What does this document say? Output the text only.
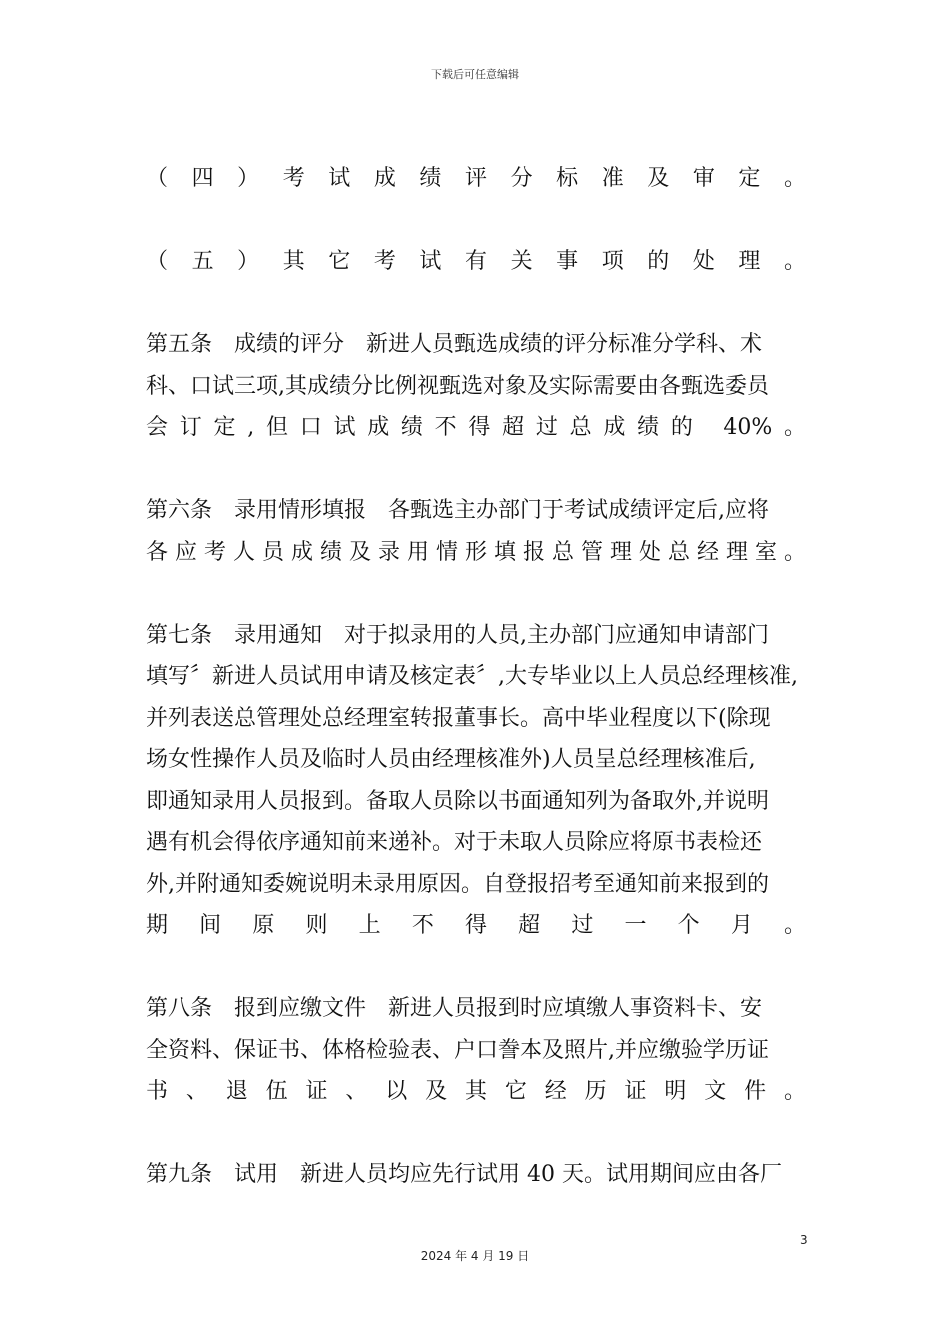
下载后可任意编辑
（四）考试成绩评分标准及审定。
（五）其它考试有关事项的处理。
第五条　成绩的评分　新进人员甄选成绩的评分标准分学科、术
科、口试三项,其成绩分比例视甄选对象及实际需要由各甄选委员
会订定,但口试成绩不得超过总成绩的 40%。
第六条　录用情形填报　各甄选主办部门于考试成绩评定后,应将
各应考人员成绩及录用情形填报总管理处总经理室。
第七条　录用通知　对于拟录用的人员,主办部门应通知申请部门
填写〞新进人员试用申请及核定表〞,大专毕业以上人员总经理核准,
并列表送总管理处总经理室转报董事长。高中毕业程度以下(除现
场女性操作人员及临时人员由经理核准外)人员呈总经理核准后,
即通知录用人员报到。备取人员除以书面通知列为备取外,并说明
遇有机会得依序通知前来递补。对于未取人员除应将原书表检还
外,并附通知委婉说明未录用原因。自登报招考至通知前来报到的
期间原则上不得超过一个月。
第八条　报到应缴文件　新进人员报到时应填缴人事资料卡、安
全资料、保证书、体格检验表、户口誊本及照片,并应缴验学历证
书、退伍证、以及其它经历证明文件。
第九条　试用　新进人员均应先行试用 40 天。试用期间应由各厂
3
2024 年 4 月 19 日
